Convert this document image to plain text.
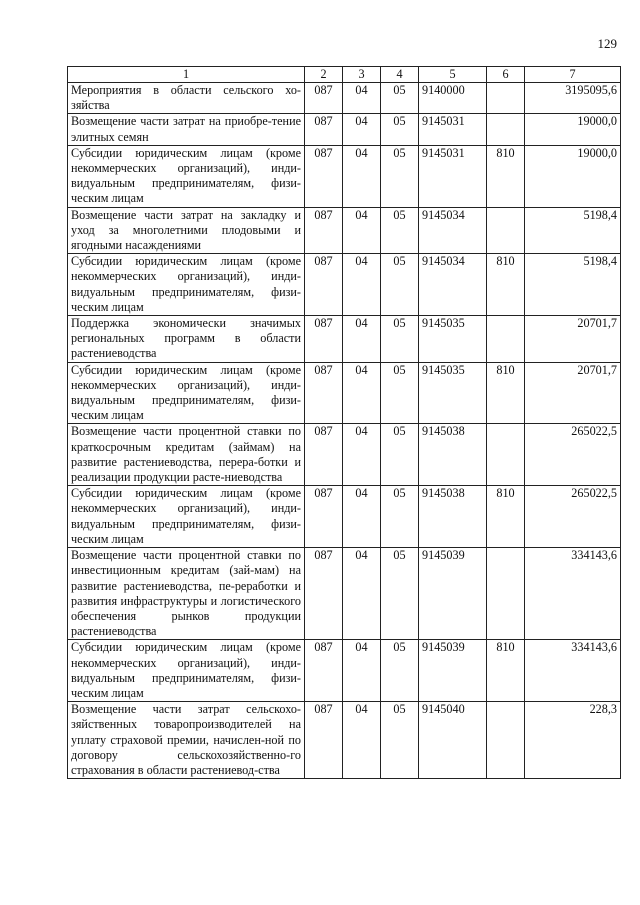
129
1	2	3	4	5	6	7
Мероприятия в области сельского хо-зяйства	087	04	05	9140000		3195095,6
Возмещение части затрат на приобре-тение элитных семян	087	04	05	9145031		19000,0
Субсидии юридическим лицам (кроме некоммерческих организаций), инди-видуальным предпринимателям, физи-ческим лицам	087	04	05	9145031	810	19000,0
Возмещение части затрат на закладку и уход за многолетними плодовыми и ягодными насаждениями	087	04	05	9145034		5198,4
Субсидии юридическим лицам (кроме некоммерческих организаций), инди-видуальным предпринимателям, физи-ческим лицам	087	04	05	9145034	810	5198,4
Поддержка экономически значимых региональных программ в области растениеводства	087	04	05	9145035		20701,7
Субсидии юридическим лицам (кроме некоммерческих организаций), инди-видуальным предпринимателям, физи-ческим лицам	087	04	05	9145035	810	20701,7
Возмещение части процентной ставки по краткосрочным кредитам (займам) на развитие растениеводства, перера-ботки и реализации продукции расте-ниеводства	087	04	05	9145038		265022,5
Субсидии юридическим лицам (кроме некоммерческих организаций), инди-видуальным предпринимателям, физи-ческим лицам	087	04	05	9145038	810	265022,5
Возмещение части процентной ставки по инвестиционным кредитам (зай-мам) на развитие растениеводства, пе-реработки и развития инфраструктуры и логистического обеспечения рынков продукции растениеводства	087	04	05	9145039		334143,6
Субсидии юридическим лицам (кроме некоммерческих организаций), инди-видуальным предпринимателям, физи-ческим лицам	087	04	05	9145039	810	334143,6
Возмещение части затрат сельскохо-зяйственных товаропроизводителей на уплату страховой премии, начислен-ной по договору сельскохозяйственно-го страхования в области растениевод-ства	087	04	05	9145040		228,3
